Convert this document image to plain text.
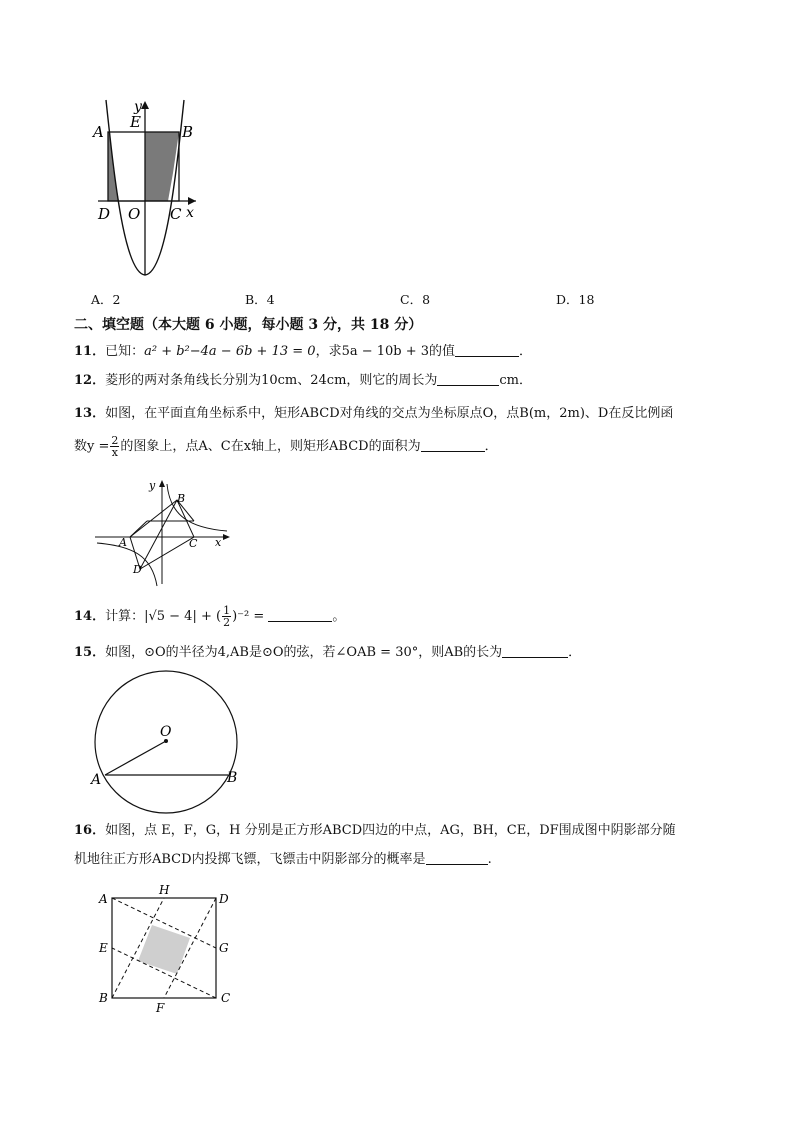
y
A
E
B
D O C x
A．2	B．4	C．8	D．18
二、填空题（本大题 6 小题，每小题 3 分，共 18 分）
11．已知：a² + b²−4a − 6b + 13 = 0，求5a − 10b + 3的值	．
12．菱形的两对条角线长分别为10cm、24cm，则它的周长为	cm．
13．如图，在平面直角坐标系中，矩形ABCD对角线的交点为坐标原点O，点B(m，2m)、D在反比例函
数$y = \frac{2}{x}$ 的图象上，点A、C在x轴上，则矩形ABCD的面积为	．
y
B
A	C
D
x
14．计算：|√5 − 4| + ( $\frac{1}{2} )^{-2}$ =	。
15．如图，⊙O的半径为4,AB是⊙O的弦，若∠OAB = 30°，则AB的长为	．
O
A	B
16．如图，点 E，F，G，H 分别是正方形ABCD四边的中点，AG，BH，CE，DF围成图中阴影部分随
机地往正方形ABCD内投掷飞镖，飞镖击中阴影部分的概率是	.
A
H
D
E	G
B
F
C
